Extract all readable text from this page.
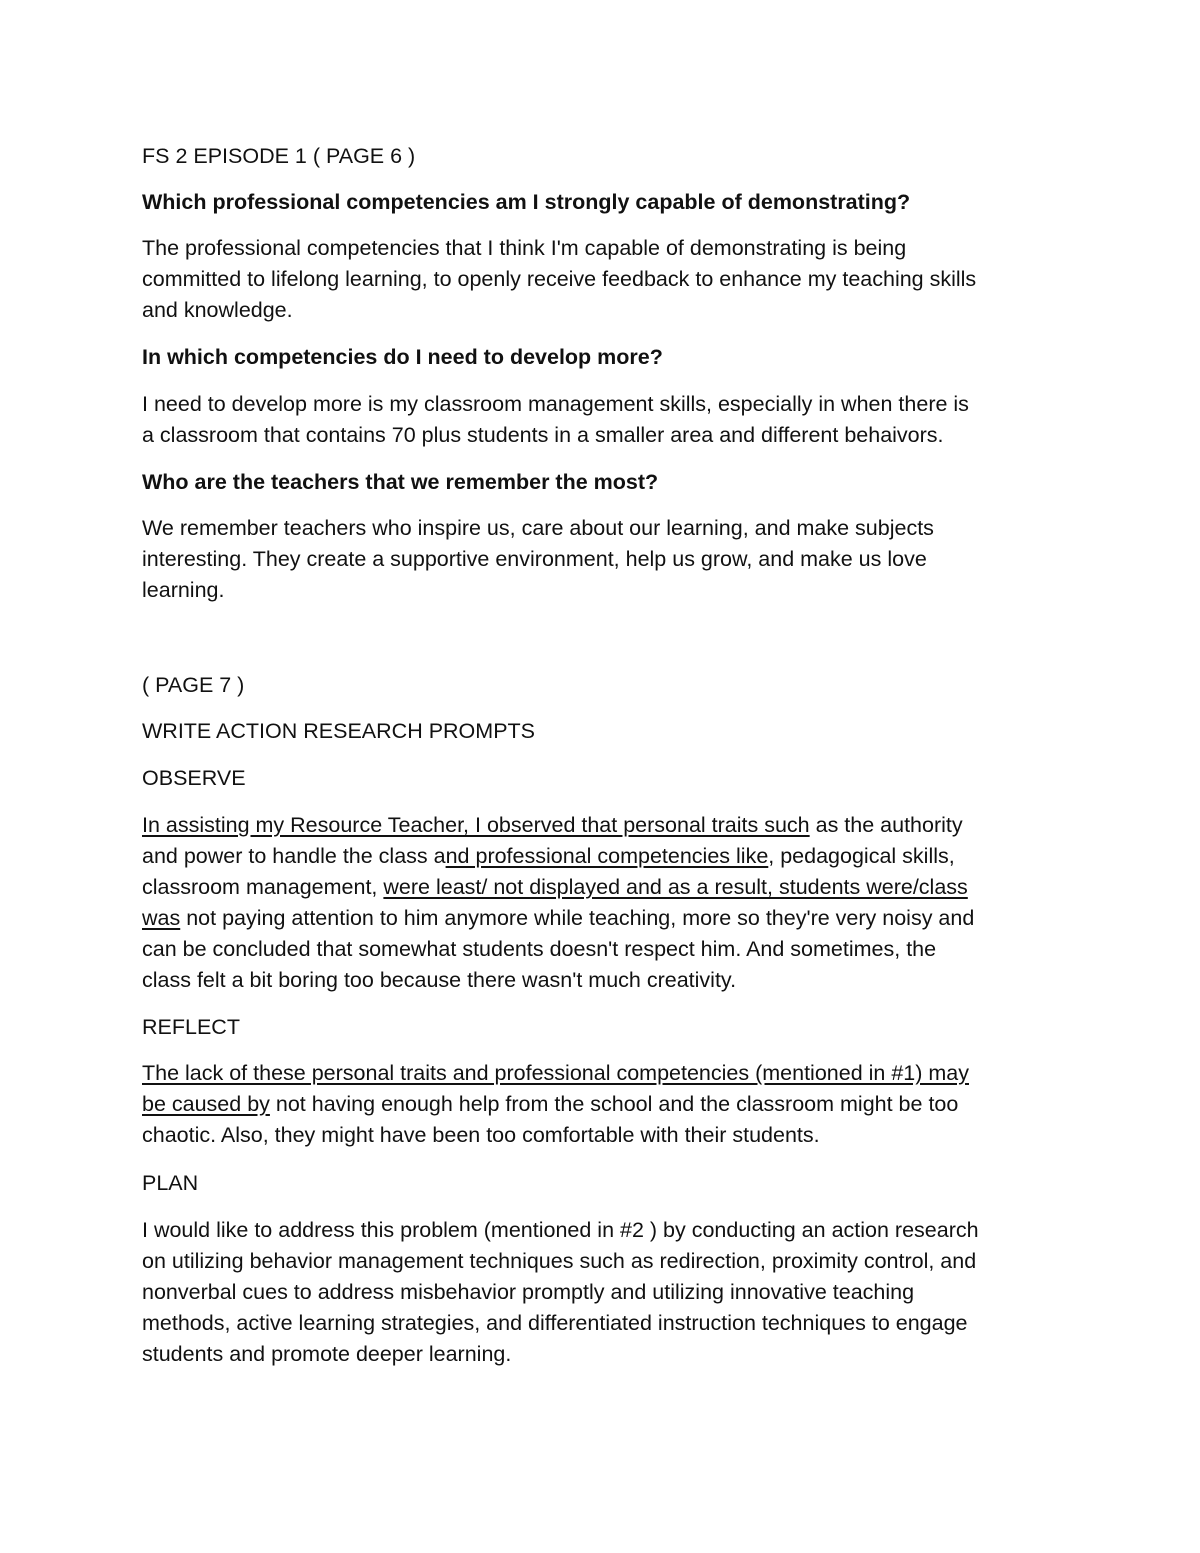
FS 2 EPISODE 1 ( PAGE 6 )

Which professional competencies am I strongly capable of demonstrating?

The professional competencies that I think I'm capable of demonstrating is being
committed to lifelong learning, to openly receive feedback to enhance my teaching skills
and knowledge.

In which competencies do I need to develop more?

I need to develop more is my classroom management skills, especially in when there is
a classroom that contains 70 plus students in a smaller area and different behaivors.

Who are the teachers that we remember the most?

We remember teachers who inspire us, care about our learning, and make subjects
interesting. They create a supportive environment, help us grow, and make us love
learning.

( PAGE 7 )

WRITE ACTION RESEARCH PROMPTS

OBSERVE

In assisting my Resource Teacher, I observed that personal traits such as the authority
and power to handle the class and professional competencies like, pedagogical skills,
classroom management, were least/ not displayed and as a result, students were/class
was not paying attention to him anymore while teaching, more so they're very noisy and
can be concluded that somewhat students doesn't respect him. And sometimes, the
class felt a bit boring too because there wasn't much creativity.

REFLECT

The lack of these personal traits and professional competencies (mentioned in #1) may
be caused by not having enough help from the school and the classroom might be too
chaotic. Also, they might have been too comfortable with their students.

PLAN

I would like to address this problem (mentioned in #2 ) by conducting an action research
on utilizing behavior management techniques such as redirection, proximity control, and
nonverbal cues to address misbehavior promptly and utilizing innovative teaching
methods, active learning strategies, and differentiated instruction techniques to engage
students and promote deeper learning.
